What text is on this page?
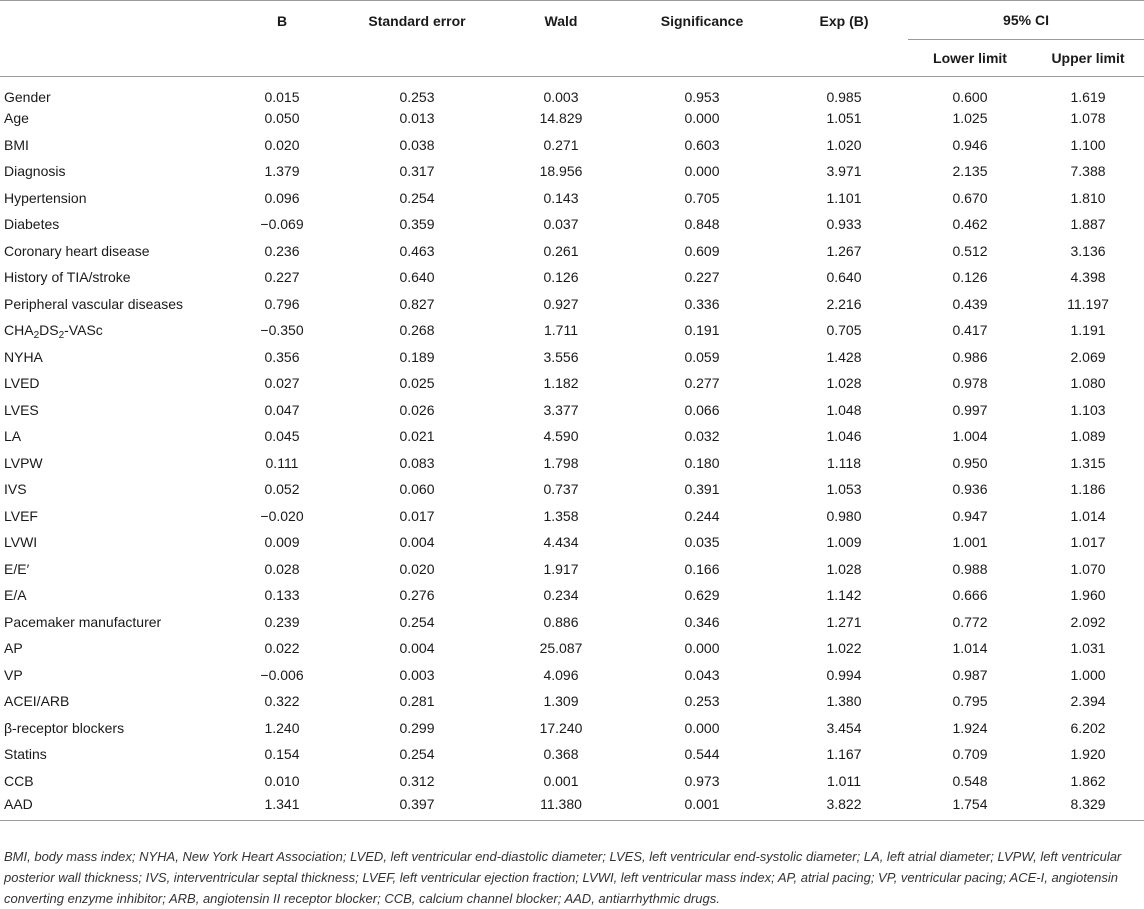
	B	Standard error	Wald	Significance	Exp (B)	95% CI	
						Lower limit	Upper limit
Gender	0.015	0.253	0.003	0.953	0.985	0.600	1.619
Age	0.050	0.013	14.829	0.000	1.051	1.025	1.078
BMI	0.020	0.038	0.271	0.603	1.020	0.946	1.100
Diagnosis	1.379	0.317	18.956	0.000	3.971	2.135	7.388
Hypertension	0.096	0.254	0.143	0.705	1.101	0.670	1.810
Diabetes	−0.069	0.359	0.037	0.848	0.933	0.462	1.887
Coronary heart disease	0.236	0.463	0.261	0.609	1.267	0.512	3.136
History of TIA/stroke	0.227	0.640	0.126	0.227	0.640	0.126	4.398
Peripheral vascular diseases	0.796	0.827	0.927	0.336	2.216	0.439	11.197
$CHA_2DS_2$-VASc	−0.350	0.268	1.711	0.191	0.705	0.417	1.191
NYHA	0.356	0.189	3.556	0.059	1.428	0.986	2.069
LVED	0.027	0.025	1.182	0.277	1.028	0.978	1.080
LVES	0.047	0.026	3.377	0.066	1.048	0.997	1.103
LA	0.045	0.021	4.590	0.032	1.046	1.004	1.089
LVPW	0.111	0.083	1.798	0.180	1.118	0.950	1.315
IVS	0.052	0.060	0.737	0.391	1.053	0.936	1.186
LVEF	−0.020	0.017	1.358	0.244	0.980	0.947	1.014
LVWI	0.009	0.004	4.434	0.035	1.009	1.001	1.017
E/E′	0.028	0.020	1.917	0.166	1.028	0.988	1.070
E/A	0.133	0.276	0.234	0.629	1.142	0.666	1.960
Pacemaker manufacturer	0.239	0.254	0.886	0.346	1.271	0.772	2.092
AP	0.022	0.004	25.087	0.000	1.022	1.014	1.031
VP	−0.006	0.003	4.096	0.043	0.994	0.987	1.000
ACEI/ARB	0.322	0.281	1.309	0.253	1.380	0.795	2.394
β-receptor blockers	1.240	0.299	17.240	0.000	3.454	1.924	6.202
Statins	0.154	0.254	0.368	0.544	1.167	0.709	1.920
CCB	0.010	0.312	0.001	0.973	1.011	0.548	1.862
AAD	1.341	0.397	11.380	0.001	3.822	1.754	8.329
BMI, body mass index; NYHA, New York Heart Association; LVED, left ventricular end-diastolic diameter; LVES, left ventricular end-systolic diameter; LA, left atrial diameter; LVPW, left ventricular posterior wall thickness; IVS, interventricular septal thickness; LVEF, left ventricular ejection fraction; LVWI, left ventricular mass index; AP, atrial pacing; VP, ventricular pacing; ACE-I, angiotensin converting enzyme inhibitor; ARB, angiotensin II receptor blocker; CCB, calcium channel blocker; AAD, antiarrhythmic drugs.
